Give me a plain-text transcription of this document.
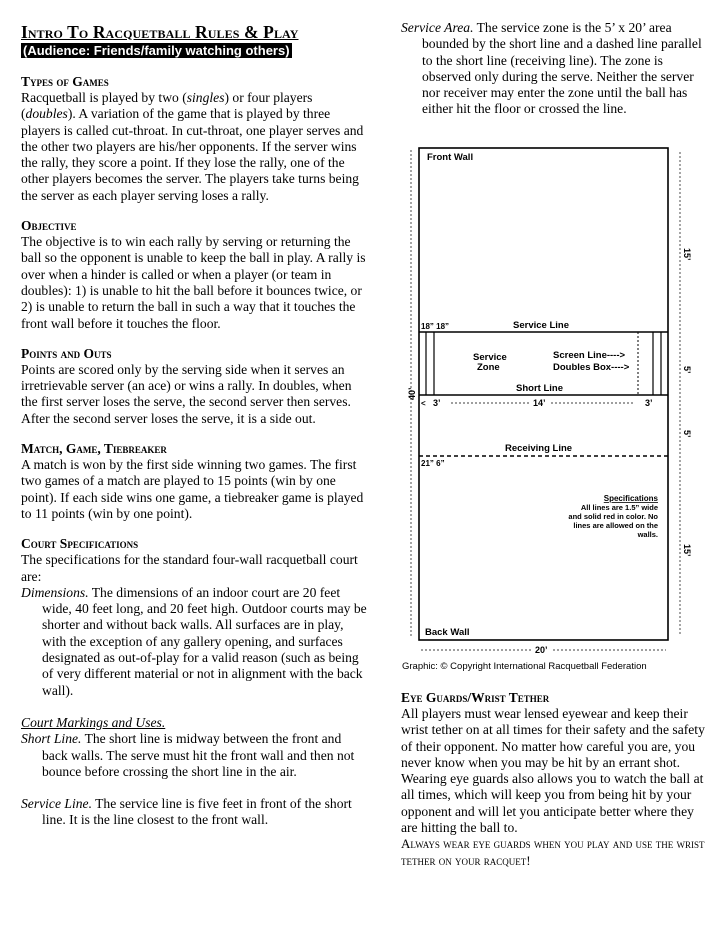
Intro To Racquetball Rules & Play
(Audience: Friends/family watching others)
Types of Games
Racquetball is played by two (singles) or four players (doubles). A variation of the game that is played by three players is called cut-throat. In cut-throat, one player serves and the other two players are his/her opponents. If the server wins the rally, they score a point. If they lose the rally, one of the other players becomes the server. The players take turns being the server as each player serving loses a rally.
Objective
The objective is to win each rally by serving or returning the ball so the opponent is unable to keep the ball in play. A rally is over when a hinder is called or when a player (or team in doubles): 1) is unable to hit the ball before it bounces twice, or 2) is unable to return the ball in such a way that it touches the front wall before it touches the floor.
Points and Outs
Points are scored only by the serving side when it serves an irretrievable server (an ace) or wins a rally. In doubles, when the first server loses the serve, the second server then serves. After the second server loses the serve, it is a side out.
Match, Game, Tiebreaker
A match is won by the first side winning two games. The first two games of a match are played to 15 points (win by one point). If each side wins one game, a tiebreaker game is played to 11 points (win by one point).
Court Specifications
The specifications for the standard four-wall racquetball court are:
Dimensions. The dimensions of an indoor court are 20 feet wide, 40 feet long, and 20 feet high. Outdoor courts may be shorter and without back walls. All surfaces are in play, with the exception of any gallery opening, and surfaces designated as out-of-play for a valid reason (such as being of very different material or not in alignment with the back wall).
Court Markings and Uses.
Short Line. The short line is midway between the front and back walls. The serve must hit the front wall and then not bounce before crossing the short line in the air.
Service Line. The service line is five feet in front of the short line. It is the line closest to the front wall.
Service Area. The service zone is the 5’ x 20’ area bounded by the short line and a dashed line parallel to the short line (receiving line). The zone is observed only during the serve. Neither the server nor receiver may enter the zone until the ball has either hit the floor or crossed the line.
Front Wall
Back Wall
Service Line
Short Line
Receiving Line
Service
Zone
Screen Line---->
Doubles Box---->
18” 18”
21” 6”
< 3’	14’	3’
40’
15’
5’
5’
15’
20’
Specifications
All lines are 1.5” wide
and solid red in color. No
lines are allowed on the
walls.
Graphic: © Copyright International Racquetball Federation
Eye Guards/Wrist Tether
All players must wear lensed eyewear and keep their wrist tether on at all times for their safety and the safety of their opponent. No matter how careful you are, you never know when you may be hit by an errant shot. Wearing eye guards also allows you to watch the ball at all times, which will keep you from being hit by your opponent and will let you anticipate better where they are hitting the ball to.
Always wear eye guards when you play and use the wrist tether on your racquet!
